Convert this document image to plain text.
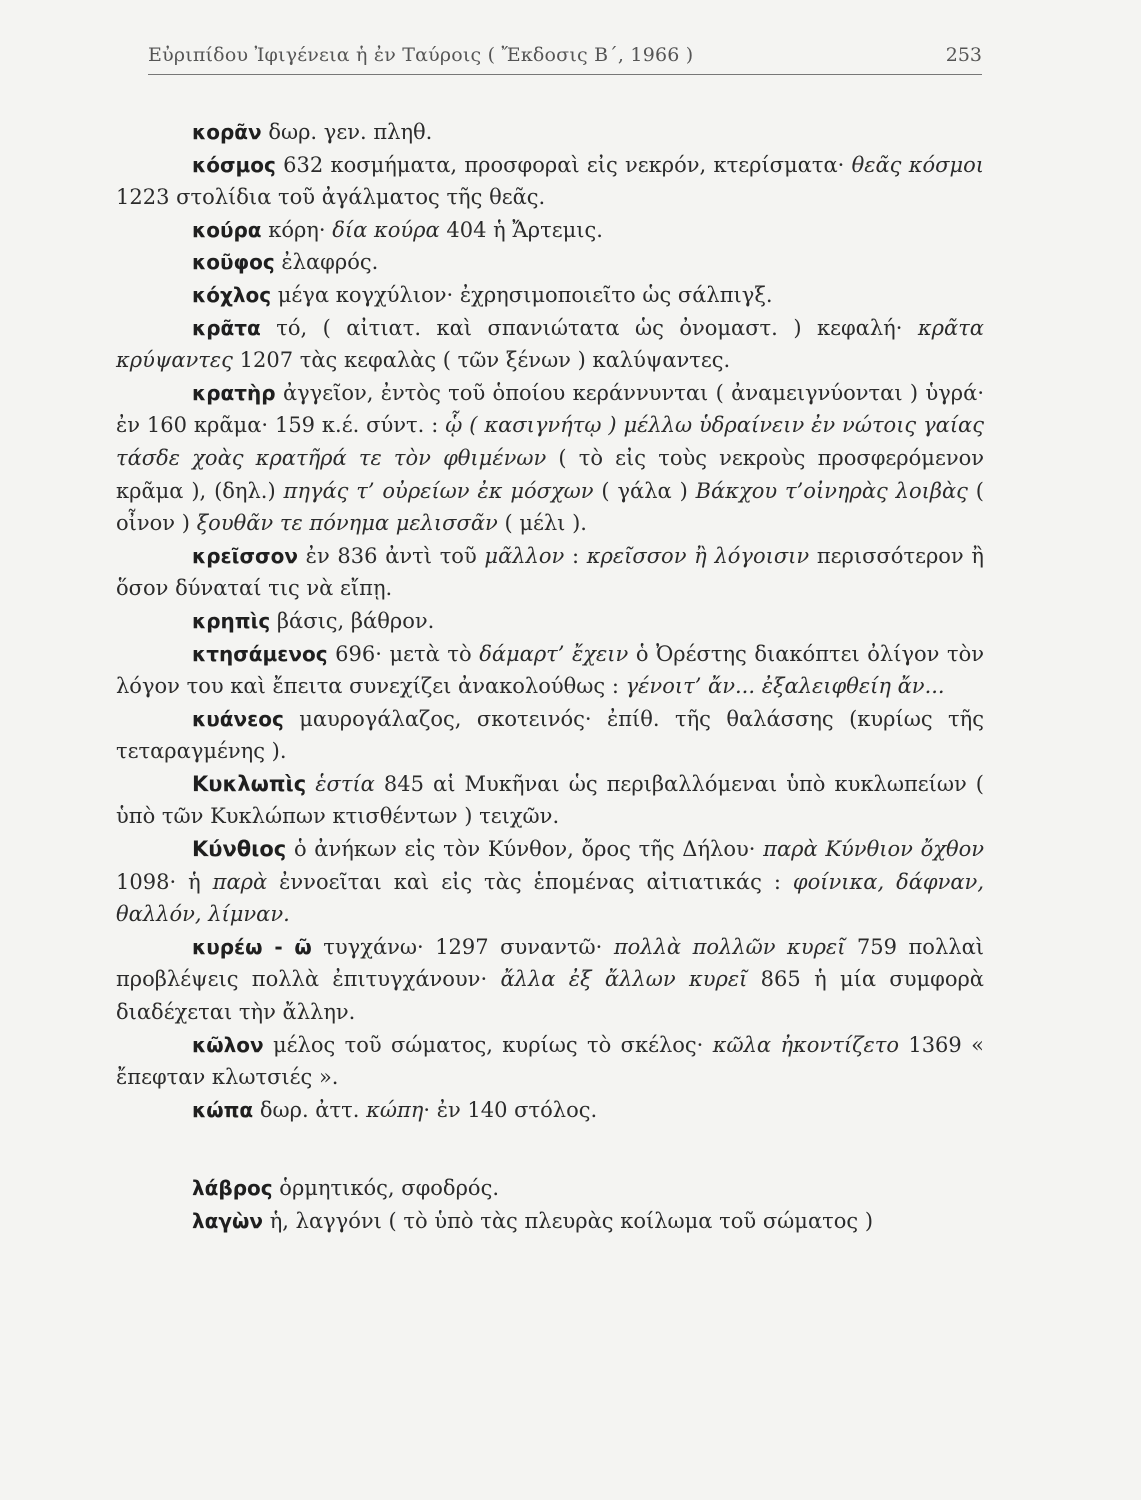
Εὐριπίδου Ἰφιγένεια ἡ ἐν Ταύροις ( Ἔκδοσις Β΄, 1966 )	253

κορᾶν δωρ. γεν. πληθ.

κόσμος 632 κοσμήματα, προσφοραὶ εἰς νεκρόν, κτερίσματα· θεᾶς κόσμοι 1223 στολίδια τοῦ ἀγάλματος τῆς θεᾶς.

κούρα κόρη· δία κούρα 404 ἡ Ἄρτεμις.

κοῦφος ἐλαφρός.

κόχλος μέγα κογχύλιον· ἐχρησιμοποιεῖτο ὡς σάλπιγξ.

κρᾶτα τό, ( αἰτιατ. καὶ σπανιώτατα ὡς ὀνομαστ. ) κεφαλή· κρᾶτα κρύψαντες 1207 τὰς κεφαλὰς ( τῶν ξένων ) καλύψαντες.

κρατὴρ ἀγγεῖον, ἐντὸς τοῦ ὁποίου κεράννυνται ( ἀναμειγνύονται ) ὑγρά· ἐν 160 κρᾶμα· 159 κ.έ. σύντ. : ᾧ ( κασιγνήτῳ ) μέλλω ὑδραίνειν ἐν νώτοις γαίας τάσδε χοὰς κρατῆρά τε τὸν φθιμένων ( τὸ εἰς τοὺς νεκροὺς προσφερόμενον κρᾶμα ), (δηλ.) πηγάς τ’ οὐρείων ἐκ μόσχων ( γάλα ) Βάκχου τ’οἰνηρὰς λοιβὰς ( οἶνον ) ξουθᾶν τε πόνημα μελισσᾶν ( μέλι ).

κρεῖσσον ἐν 836 ἀντὶ τοῦ μᾶλλον : κρεῖσσον ἢ λόγοισιν περισσότερον ἢ ὅσον δύναταί τις νὰ εἴπῃ.

κρηπὶς βάσις, βάθρον.

κτησάμενος 696· μετὰ τὸ δάμαρτ’ ἔχειν ὁ Ὀρέστης διακόπτει ὀλίγον τὸν λόγον του καὶ ἔπειτα συνεχίζει ἀνακολούθως : γένοιτ’ ἄν... ἐξαλειφθείη ἄν...

κυάνεος μαυρογάλαζος, σκοτεινός· ἐπίθ. τῆς θαλάσσης (κυρίως τῆς τεταραγμένης ).

Κυκλωπὶς ἑστία 845 αἱ Μυκῆναι ὡς περιβαλλόμεναι ὑπὸ κυκλωπείων ( ὑπὸ τῶν Κυκλώπων κτισθέντων ) τειχῶν.

Κύνθιος ὁ ἀνήκων εἰς τὸν Κύνθον, ὄρος τῆς Δήλου· παρὰ Κύνθιον ὄχθον 1098· ἡ παρὰ ἐννοεῖται καὶ εἰς τὰς ἑπομένας αἰτιατικάς : φοίνικα, δάφναν, θαλλόν, λίμναν.

κυρέω - ῶ τυγχάνω· 1297 συναντῶ· πολλὰ πολλῶν κυρεῖ 759 πολλαὶ προβλέψεις πολλὰ ἐπιτυγχάνουν· ἄλλα ἐξ ἄλλων κυρεῖ 865 ἡ μία συμφορὰ διαδέχεται τὴν ἄλλην.

κῶλον μέλος τοῦ σώματος, κυρίως τὸ σκέλος· κῶλα ἠκοντίζετο 1369 « ἔπεφταν κλωτσιές ».

κώπα δωρ. ἀττ. κώπη· ἐν 140 στόλος.

λάβρος ὁρμητικός, σφοδρός.

λαγὼν ἡ, λαγγόνι ( τὸ ὑπὸ τὰς πλευρὰς κοίλωμα τοῦ σώματος )
